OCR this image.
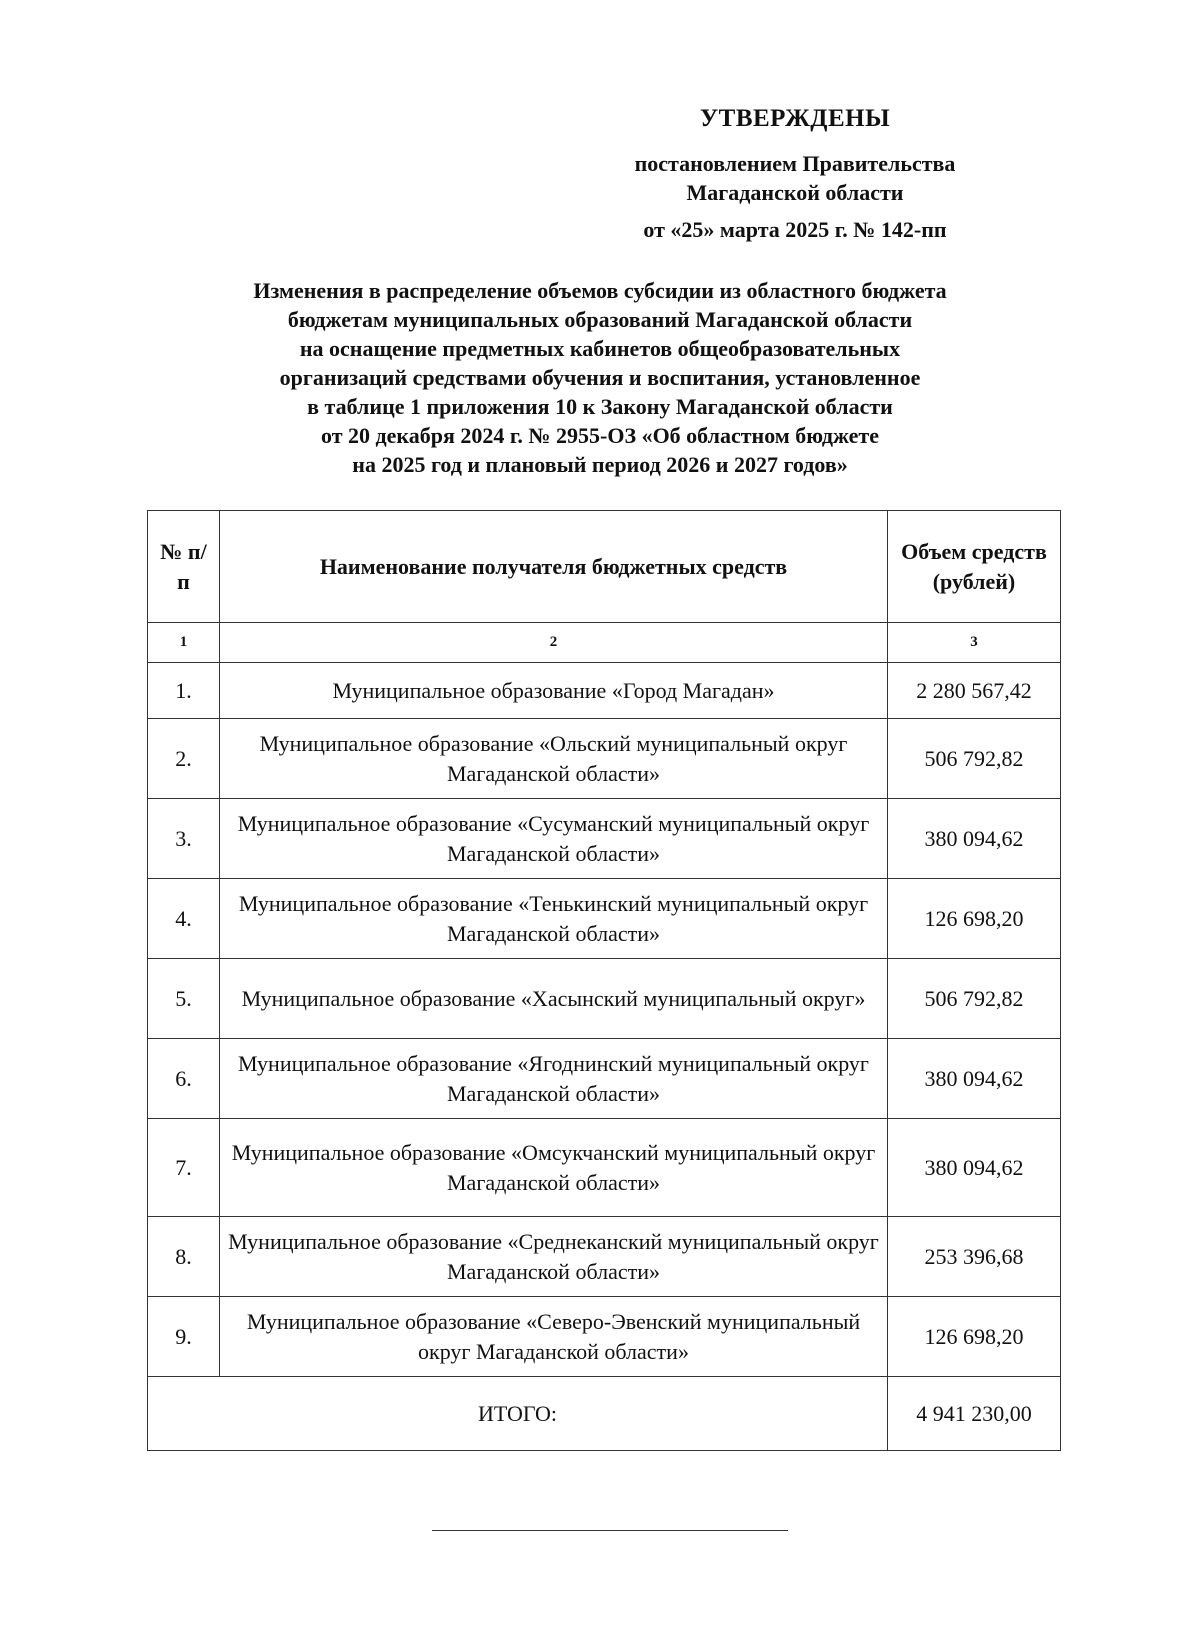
УТВЕРЖДЕНЫ
постановлением Правительства
Магаданской области
от «25» марта 2025 г. № 142-пп
Изменения в распределение объемов субсидии из областного бюджета
бюджетам муниципальных образований Магаданской области
на оснащение предметных кабинетов общеобразовательных
организаций средствами обучения и воспитания, установленное
в таблице 1 приложения 10 к Закону Магаданской области
от 20 декабря 2024 г. № 2955-ОЗ «Об областном бюджете
на 2025 год и плановый период 2026 и 2027 годов»
№ п/п	Наименование получателя бюджетных средств	Объем средств (рублей)
1	2	3
1.	Муниципальное образование «Город Магадан»	2 280 567,42
2.	Муниципальное образование «Ольский муниципальный округ Магаданской области»	506 792,82
3.	Муниципальное образование «Сусуманский муниципальный округ Магаданской области»	380 094,62
4.	Муниципальное образование «Тенькинский муниципальный округ Магаданской области»	126 698,20
5.	Муниципальное образование «Хасынский муниципальный округ»	506 792,82
6.	Муниципальное образование «Ягоднинский муниципальный округ Магаданской области»	380 094,62
7.	Муниципальное образование «Омсукчанский муниципальный округ Магаданской области»	380 094,62
8.	Муниципальное образование «Среднеканский муниципальный округ Магаданской области»	253 396,68
9.	Муниципальное образование «Северо-Эвенский муниципальный округ Магаданской области»	126 698,20
ИТОГО:		4 941 230,00
